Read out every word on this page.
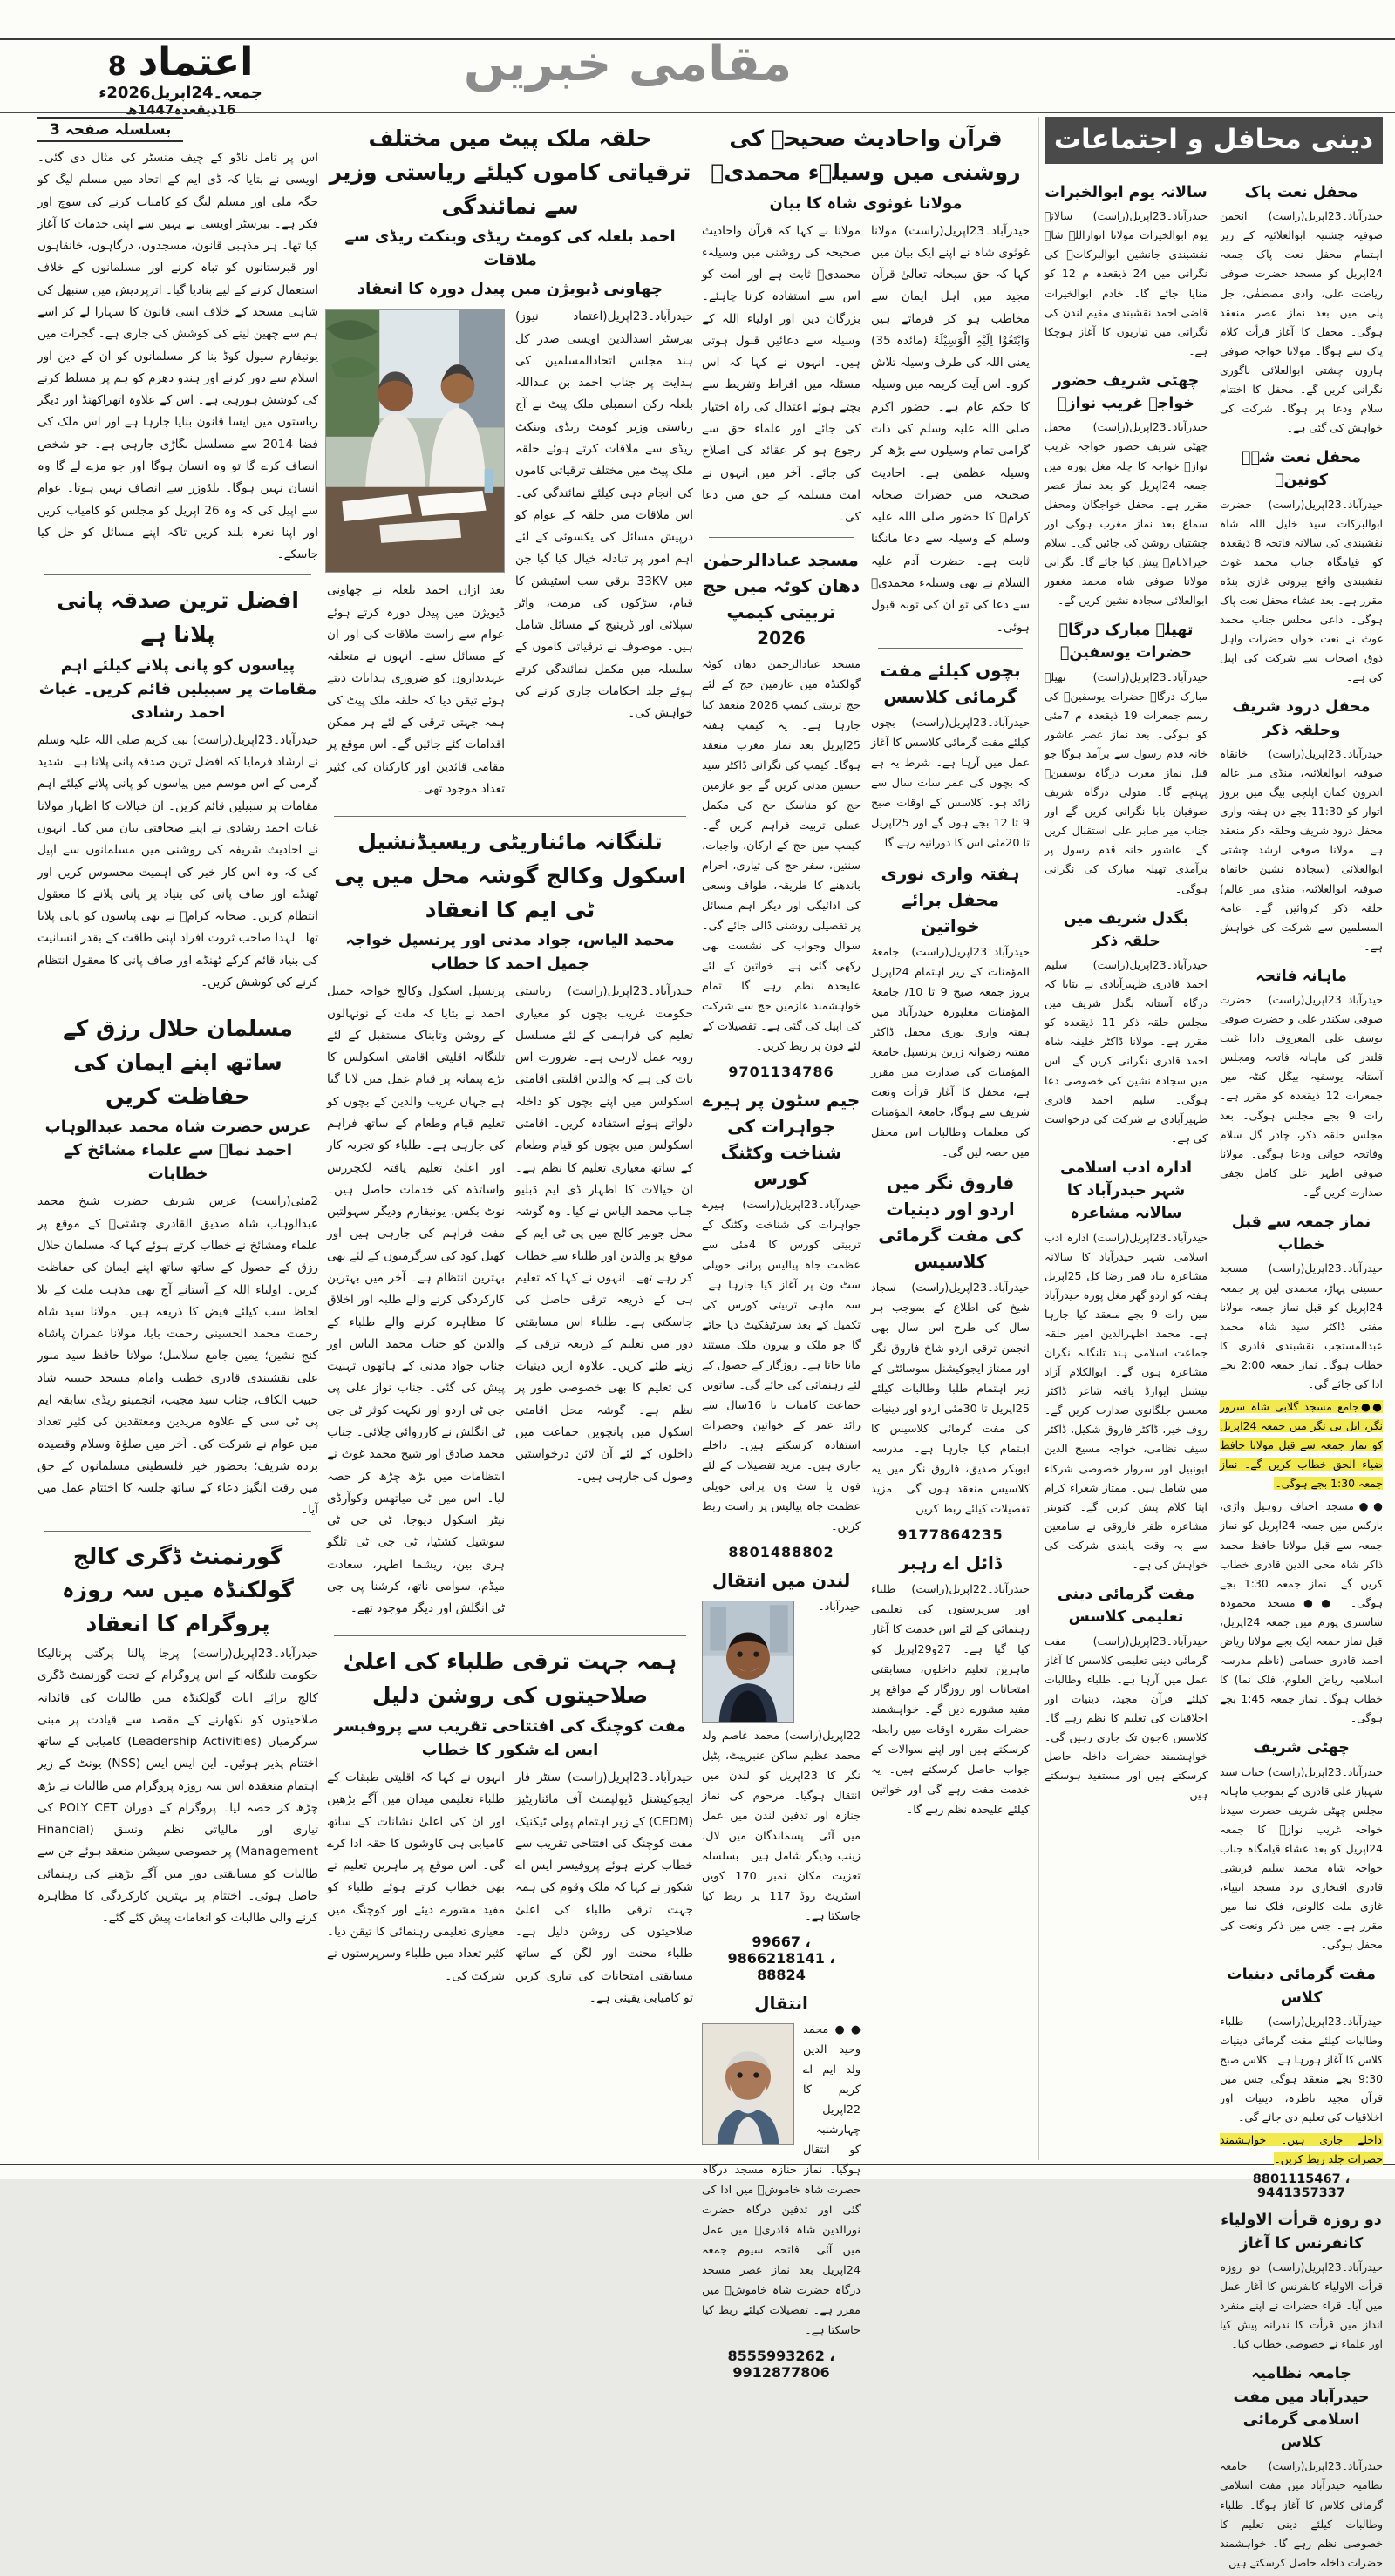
اعتماد
8
جمعہ۔24اپریل2026ء
16ذیقعدہ1447ھ
مقامی خبریں
دینی محافل و اجتماعات
محفل نعت پاک

حیدرآباد۔23اپریل(راست) انجمن صوفیہ چشتیہ ابوالعلائیہ کے زیر اہتمام محفل نعت پاک جمعہ 24اپریل کو مسجد حضرت صوفی ریاضت علی، وادی مصطفٰی، جل پلی میں بعد نماز عصر منعقد ہوگی۔ محفل کا آغاز قرأت کلام پاک سے ہوگا۔ مولانا خواجہ صوفی ہارون چشتی ابوالعلائی ناگوری نگرانی کریں گے۔ محفل کا اختتام سلام ودعا پر ہوگا۔ شرکت کی خواہش کی گئی ہے۔

محفل نعت شہہ کونینؐ

حیدرآباد۔23اپریل(راست) حضرت ابوالبرکات سید خلیل اللہ شاہ نقشبندی کی سالانہ فاتحہ 8 ذیقعدہ کو قیامگاہ جناب محمد غوث نقشبندی واقع بیرونی غازی بنڈہ مقرر ہے۔ بعد عشاء محفل نعت پاک ہوگی۔ داعی مجلس جناب محمد غوث نے نعت خواں حضرات واہل ذوق اصحاب سے شرکت کی اپیل کی ہے۔

محفل درود شریف وحلقہ ذکر

حیدرآباد۔23اپریل(راست) خانقاہ صوفیہ ابوالعلائیہ، منڈی میر عالم اندرون کمان اپلچی بیگ میں بروز اتوار کو 11:30 بجے دن ہفتہ واری محفل درود شریف وحلقہ ذکر منعقد ہے۔ مولانا صوفی ارشد چشتی ابوالعلائی (سجادہ نشین خانقاہ صوفیہ ابوالعلائیہ، منڈی میر عالم) حلقہ ذکر کروائیں گے۔ عامۃ المسلمین سے شرکت کی خواہش ہے۔

ماہانہ فاتحہ

حیدرآباد۔23اپریل(راست) حضرت صوفی سکندر علی و حضرت صوفی یوسف علی المعروف دادا غیب قلندر کی ماہانہ فاتحہ ومجلس آستانہ یوسفیہ بیگل کنٹہ میں جمعرات 12 ذیقعدہ کو مقرر ہے۔ رات 9 بجے مجلس ہوگی۔ بعد مجلس حلقہ ذکر، چادر گل سلام وفاتحہ خوانی ودعا ہوگی۔ مولانا صوفی اطہر علی کامل نجفی صدارت کریں گے۔

نماز جمعہ سے قبل خطاب

حیدرآباد۔23اپریل(راست) مسجد حسینی پہاڑ، محمدی لین پر جمعہ 24اپریل کو قبل نماز جمعہ مولانا مفتی ڈاکٹر سید شاہ محمد عبدالمستجب نقشبندی قادری کا خطاب ہوگا۔ نماز جمعہ 2:00 بجے ادا کی جائے گی۔

●●جامع مسجد گلابی شاہ سرور نگر، ایل بی نگر میں جمعہ 24اپریل کو نماز جمعہ سے قبل مولانا حافظ ضیاء الحق خطاب کریں گے۔ نماز جمعہ 1:30 بجے ہوگی۔

●●مسجد احناف روہیل واڑی، بارکس میں جمعہ 24اپریل کو نماز جمعہ سے قبل مولانا حافظ محمد ذاکر شاہ محی الدین قادری خطاب کریں گے۔ نماز جمعہ 1:30 بجے ہوگی۔ ●●مسجد محمودہ شاستری پورم میں جمعہ 24اپریل، قبل نماز جمعہ ایک بجے مولانا ریاض احمد قادری حسامی (ناظم مدرسہ اسلامیہ ریاض العلوم، فلک نما) کا خطاب ہوگا۔ نماز جمعہ 1:45 بجے ہوگی۔

چھٹی شریف

حیدرآباد۔23اپریل(راست) جناب سید شہباز علی قادری کے بموجب ماہانہ مجلس چھٹی شریف حضرت سیدنا خواجہ غریب نوازؒ کا جمعہ 24اپریل کو بعد عشاء قیامگاہ جناب خواجہ شاہ محمد سلیم قریشی قادری افتخاری نزد مسجد انبیاء، غازی ملت کالونی، فلک نما میں مقرر ہے۔ جس میں ذکر ونعت کی محفل ہوگی۔

مفت گرمائی دینیات کلاس

حیدرآباد۔23اپریل(راست) طلباء وطالبات کیلئے مفت گرمائی دینیات کلاس کا آغاز ہورہا ہے۔ کلاس صبح 9:30 بجے منعقد ہوگی جس میں قرآن مجید ناظرہ، دینیات اور اخلاقیات کی تعلیم دی جائے گی۔

داخلے جاری ہیں۔ خواہشمند حضرات جلد ربط کریں۔

8801115467 ، 9441357337
دو روزہ قرأت الاولیاء کانفرنس کا آغاز

حیدرآباد۔23اپریل(راست) دو روزہ قرأت الاولیاء کانفرنس کا آغاز عمل میں آیا۔ قراء حضرات نے اپنے منفرد انداز میں قرأت کا نذرانہ پیش کیا اور علماء نے خصوصی خطاب کیا۔

جامعہ نظامیہ حیدرآباد میں مفت اسلامی گرمائی کلاس

حیدرآباد۔23اپریل(راست) جامعہ نظامیہ حیدرآباد میں مفت اسلامی گرمائی کلاس کا آغاز ہوگا۔ طلباء وطالبات کیلئے دینی تعلیم کا خصوصی نظم رہے گا۔ خواہشمند حضرات داخلہ حاصل کرسکتے ہیں۔

سالانہ یوم ابوالخیرات

حیدرآباد۔23اپریل(راست) سالانہ یوم ابوالخیرات مولانا انواراللہ شاہ نقشبندی جانشین ابوالبرکاتؒ کی نگرانی میں 24 ذیقعدہ م 12 کو منایا جائے گا۔ خادم ابوالخیرات قاضی احمد نقشبندی مقیم لندن کی نگرانی میں تیاریوں کا آغاز ہوچکا ہے۔

چھٹی شریف حضور خواجہ غریب نوازؒ

حیدرآباد۔23اپریل(راست) محفل چھٹی شریف حضور خواجہ غریب نوازؒ خواجہ کا چلہ مغل پورہ میں جمعہ 24اپریل کو بعد نماز عصر مقرر ہے۔ محفل خواجگان ومحفل سماع بعد نماز مغرب ہوگی اور چشتیاں روشن کی جائیں گی۔ سلام خیرالانامؐ پیش کیا جائے گا۔ نگرانی مولانا صوفی شاہ محمد مغفور ابوالعلائی سجادہ نشین کریں گے۔

تھیلہ مبارک درگاہ حضرات یوسفینؒ

حیدرآباد۔23اپریل(راست) تھیلہ مبارک درگاہ حضرات یوسفینؒ کی رسم جمعرات 19 ذیقعدہ م 7مئی کو ہوگی۔ بعد نماز عصر عاشور خانہ قدم رسول سے برآمد ہوگا جو قبل نماز مغرب درگاہ یوسفینؒ پہنچے گا۔ متولی درگاہ شریف صوفیان بابا نگرانی کریں گے اور جناب میر صابر علی استقبال کریں گے۔ عاشور خانہ قدم رسول پر برآمدی تھیلہ مبارک کی نگرانی ہوگی۔

بگدل شریف میں حلقہ ذکر

حیدرآباد۔23اپریل(راست) سلیم احمد قادری ظہیرآبادی نے بتایا کہ درگاہ آستانہ بگدل شریف میں مجلس حلقہ ذکر 11 ذیقعدہ کو مقرر ہے۔ مولانا ڈاکٹر خلیفہ شاہ احمد قادری نگرانی کریں گے۔ اس میں سجادہ نشین کی خصوصی دعا ہوگی۔ سلیم احمد قادری ظہیرآبادی نے شرکت کی درخواست کی ہے۔

ادارہ ادب اسلامی شہر حیدرآباد کا سالانہ مشاعرہ

حیدرآباد۔23اپریل(راست) ادارہ ادب اسلامی شہر حیدرآباد کا سالانہ مشاعرہ بیاد قمر رضا کل 25اپریل ہفتہ کو اردو گھر مغل پورہ حیدرآباد میں رات 9 بجے منعقد کیا جارہا ہے۔ محمد اظہرالدین امیر حلقہ جماعت اسلامی ہند تلنگانہ نگران مشاعرہ ہوں گے۔ ابوالکلام آزاد نیشنل ایوارڈ یافتہ شاعر ڈاکٹر محسن جلگانوی صدارت کریں گے۔ روف خیر، ڈاکٹر فاروق شکیل، ڈاکٹر سیف نظامی، خواجہ مسیح الدین ابونبیل اور سروار خصوصی شرکاء میں شامل ہیں۔ ممتاز شعراء کرام اپنا کلام پیش کریں گے۔ کنوینر مشاعرہ ظفر فاروقی نے سامعین سے بہ وقت پابندی شرکت کی خواہش کی ہے۔

مفت گرمائی دینی تعلیمی کلاسس

حیدرآباد۔23اپریل(راست) مفت گرمائی دینی تعلیمی کلاسس کا آغاز عمل میں آرہا ہے۔ طلباء وطالبات کیلئے قرآن مجید، دینیات اور اخلاقیات کی تعلیم کا نظم رہے گا۔ کلاسس 6جون تک جاری رہیں گی۔ خواہشمند حضرات داخلہ حاصل کرسکتے ہیں اور مستفید ہوسکتے ہیں۔

قرآن واحادیث صحیحہ کی روشنی میں وسیلہء محمدیؐ
مولانا غوثوی شاہ کا بیان

حیدرآباد۔23اپریل(راست) مولانا غوثوی شاہ نے اپنے ایک بیان میں کہا کہ حق سبحانہ تعالیٰ قرآن مجید میں اہل ایمان سے مخاطب ہو کر فرماتے ہیں وَابْتَغُوْا اِلَیْہِ الْوَسِیْلَۃَ (مائدہ 35) یعنی اللہ کی طرف وسیلہ تلاش کرو۔ اس آیت کریمہ میں وسیلہ کا حکم عام ہے۔ حضور اکرم صلی اللہ علیہ وسلم کی ذات گرامی تمام وسیلوں سے بڑھ کر وسیلہ عظمیٰ ہے۔ احادیث صحیحہ میں حضرات صحابہ کرامؓ کا حضور صلی اللہ علیہ وسلم کے وسیلہ سے دعا مانگنا ثابت ہے۔ حضرت آدم علیہ السلام نے بھی وسیلہء محمدیؐ سے دعا کی تو ان کی توبہ قبول ہوئی۔

بچوں کیلئے مفت گرمائی کلاسس

حیدرآباد۔23اپریل(راست) بچوں کیلئے مفت گرمائی کلاسس کا آغاز عمل میں آرہا ہے۔ شرط یہ ہے کہ بچوں کی عمر سات سال سے زائد ہو۔ کلاسس کے اوقات صبح 9 تا 12 بجے ہوں گے اور 25اپریل تا 20مئی اس کا دورانیہ رہے گا۔

ہفتہ واری نوری محفل برائے خواتین

حیدرآباد۔23اپریل(راست) جامعۃ المؤمنات کے زیر اہتمام 24اپریل بروز جمعہ صبح 9 تا 10/ جامعۃ المؤمنات مغلپورہ حیدرآباد میں ہفتہ واری نوری محفل ڈاکٹر مفتیہ رضوانہ زرین پرنسپل جامعۃ المؤمنات کی صدارت میں مقرر ہے، محفل کا آغاز قرأت ونعت شریف سے ہوگا، جامعۃ المؤمنات کی معلمات وطالبات اس محفل میں حصہ لیں گی۔

فاروق نگر میں اردو اور دینیات کی مفت گرمائی کلاسیس

حیدرآباد۔23اپریل(راست) سجاد شیخ کی اطلاع کے بموجب ہر سال کی طرح اس سال بھی انجمن ترقی اردو شاخ فاروق نگر اور ممتاز ایجوکیشنل سوسائٹی کے زیر اہتمام طلبا وطالبات کیلئے 25اپریل تا 30مئی اردو اور دینیات کی مفت گرمائی کلاسیس کا اہتمام کیا جارہا ہے۔ مدرسہ ابوبکر صدیق، فاروق نگر میں یہ کلاسیس منعقد ہوں گی۔ مزید تفصیلات کیلئے ربط کریں۔

9177864235
ڈائل اے رہبر

حیدرآباد۔22اپریل(راست) طلباء اور سرپرستوں کی تعلیمی رہنمائی کے لئے اس خدمت کا آغاز کیا گیا ہے۔ 27و29اپریل کو ماہرین تعلیم داخلوں، مسابقتی امتحانات اور روزگار کے مواقع پر مفید مشورے دیں گے۔ خواہشمند حضرات مقررہ اوقات میں رابطہ کرسکتے ہیں اور اپنے سوالات کے جواب حاصل کرسکتے ہیں۔ یہ خدمت مفت رہے گی اور خواتین کیلئے علیحدہ نظم رہے گا۔

مولانا نے کہا کہ قرآن واحادیث صحیحہ کی روشنی میں وسیلہء محمدیؐ ثابت ہے اور امت کو اس سے استفادہ کرنا چاہئے۔ بزرگان دین اور اولیاء اللہ کے وسیلہ سے دعائیں قبول ہوتی ہیں۔ انہوں نے کہا کہ اس مسئلہ میں افراط وتفریط سے بچتے ہوئے اعتدال کی راہ اختیار کی جائے اور علماء حق سے رجوع ہو کر عقائد کی اصلاح کی جائے۔ آخر میں انہوں نے امت مسلمہ کے حق میں دعا کی۔

مسجد عبادالرحمٰن دھان کوٹہ میں حج تربیتی کیمپ 2026

مسجد عبادالرحمٰن دھان کوٹہ گولکنڈہ میں عازمین حج کے لئے حج تربیتی کیمپ 2026 منعقد کیا جارہا ہے۔ یہ کیمپ ہفتہ 25اپریل بعد نماز مغرب منعقد ہوگا۔ کیمپ کی نگرانی ڈاکٹر سید حسین مدنی کریں گے جو عازمین حج کو مناسک حج کی مکمل عملی تربیت فراہم کریں گے۔ کیمپ میں حج کے ارکان، واجبات، سنتیں، سفر حج کی تیاری، احرام باندھنے کا طریقہ، طواف وسعی کی ادائیگی اور دیگر اہم مسائل پر تفصیلی روشنی ڈالی جائے گی۔ سوال وجواب کی نشست بھی رکھی گئی ہے۔ خواتین کے لئے علیحدہ نظم رہے گا۔ تمام خواہشمند عازمین حج سے شرکت کی اپیل کی گئی ہے۔ تفصیلات کے لئے فون پر ربط کریں۔

9701134786
جیم سٹون پر ہیرے جواہرات کی شناخت وکٹنگ کورس

حیدرآباد۔23اپریل(راست) ہیرے جواہرات کی شناخت وکٹنگ کے تربیتی کورس کا 4مئی سے عظمت جاہ پیالیس پرانی حویلی سٹ ون پر آغاز کیا جارہا ہے۔ سہ ماہی تربیتی کورس کی تکمیل کے بعد سرٹیفکیٹ دیا جائے گا جو ملک و بیرون ملک مستند مانا جاتا ہے۔ روزگار کے حصول کے لئے رہنمائی کی جائے گی۔ ساتویں جماعت کامیاب یا 16سال سے زائد عمر کے خواتین وحضرات استفادہ کرسکتے ہیں۔ داخلے جاری ہیں۔ مزید تفصیلات کے لئے فون یا سٹ ون پرانی حویلی عظمت جاہ پیالیس پر راست ربط کریں۔

8801488802
لندن میں انتقال

حیدرآباد۔22اپریل(راست) محمد عاصم ولد محمد عظیم ساکن عنبرپیٹ، پٹیل نگر کا 23اپریل کو لندن میں انتقال ہوگیا۔ مرحوم کی نماز جنازہ اور تدفین لندن میں عمل میں آئی۔ پسماندگان میں لال، زینب ودیگر شامل ہیں۔ بسلسلہ تعزیت مکان نمبر 170 کویں اسٹریٹ روڈ 117 پر ربط کیا جاسکتا ہے۔

99667 ، 9866218141 ، 88824
انتقال

●●محمد وحید الدین ولد ایم اے کریم کا 22اپریل چہارشنبہ کو انتقال ہوگیا۔ نماز جنازہ مسجد درگاہ حضرت شاہ خاموشؒ میں ادا کی گئی اور تدفین درگاہ حضرت نورالدین شاہ قادریؒ میں عمل میں آئی۔ فاتحہ سیوم جمعہ 24اپریل بعد نماز عصر مسجد درگاہ حضرت شاہ خاموشؒ میں مقرر ہے۔ تفصیلات کیلئے ربط کیا جاسکتا ہے۔

8555993262 ، 9912877806
حلقہ ملک پیٹ میں مختلف ترقیاتی کاموں کیلئے ریاستی وزیر سے نمائندگی
احمد بلعلہ کی کومٹ ریڈی وینکٹ ریڈی سے ملاقات
چھاونی ڈیویژن میں پیدل دورہ کا انعقاد

حیدرآباد۔23اپریل(اعتماد نیوز) بیرسٹر اسدالدین اویسی صدر کل ہند مجلس اتحادالمسلمین کی ہدایت پر جناب احمد بن عبداللہ بلعلہ رکن اسمبلی ملک پیٹ نے آج ریاستی وزیر کومٹ ریڈی وینکٹ ریڈی سے ملاقات کرتے ہوئے حلقہ ملک پیٹ میں مختلف ترقیاتی کاموں کی انجام دہی کیلئے نمائندگی کی۔ اس ملاقات میں حلقہ کے عوام کو درپیش مسائل کی یکسوئی کے لئے اہم امور پر تبادلہ خیال کیا گیا جن میں 33KV برقی سب اسٹیشن کا قیام، سڑکوں کی مرمت، واٹر سپلائی اور ڈرینیج کے مسائل شامل ہیں۔ موصوف نے ترقیاتی کاموں کے سلسلہ میں مکمل نمائندگی کرتے ہوئے جلد احکامات جاری کرنے کی خواہش کی۔

بعد ازاں احمد بلعلہ نے چھاونی ڈیویژن میں پیدل دورہ کرتے ہوئے عوام سے راست ملاقات کی اور ان کے مسائل سنے۔ انہوں نے متعلقہ عہدیداروں کو ضروری ہدایات دیتے ہوئے تیقن دیا کہ حلقہ ملک پیٹ کی ہمہ جہتی ترقی کے لئے ہر ممکن اقدامات کئے جائیں گے۔ اس موقع پر مقامی قائدین اور کارکنان کی کثیر تعداد موجود تھی۔

تلنگانہ مائناریٹی ریسیڈنشیل اسکول وکالج گوشہ محل میں پی ٹی ایم کا انعقاد
محمد الیاس، جواد مدنی اور پرنسپل خواجہ جمیل احمد کا خطاب

حیدرآباد۔23اپریل(راست) ریاستی حکومت غریب بچوں کو معیاری تعلیم کی فراہمی کے لئے مسلسل روبہ عمل لارہی ہے۔ ضرورت اس بات کی ہے کہ والدین اقلیتی اقامتی اسکولس میں اپنے بچوں کو داخلہ دلواتے ہوئے استفادہ کریں۔ اقامتی اسکولس میں بچوں کو قیام وطعام کے ساتھ معیاری تعلیم کا نظم ہے۔ ان خیالات کا اظہار ڈی ایم ڈبلیو جناب محمد الیاس نے کیا۔ وہ گوشہ محل جونیر کالج میں پی ٹی ایم کے موقع پر والدین اور طلباء سے خطاب کر رہے تھے۔ انہوں نے کہا کہ تعلیم ہی کے ذریعہ ترقی حاصل کی جاسکتی ہے۔ طلباء اس مسابقتی دور میں تعلیم کے ذریعہ ترقی کے زینے طئے کریں۔ علاوہ ازیں دینیات کی تعلیم کا بھی خصوصی طور پر نظم ہے۔ گوشہ محل اقامتی اسکول میں پانچویں جماعت میں داخلوں کے لئے آن لائن درخواستیں وصول کی جارہی ہیں۔

پرنسپل اسکول وکالج خواجہ جمیل احمد نے بتایا کہ ملت کے نونہالوں کے روشن وتابناک مستقبل کے لئے تلنگانہ اقلیتی اقامتی اسکولس کا بڑے پیمانہ پر قیام عمل میں لایا گیا ہے جہاں غریب والدین کے بچوں کو تعلیم قیام وطعام کے ساتھ فراہم کی جارہی ہے۔ طلباء کو تجربہ کار اور اعلیٰ تعلیم یافتہ لکچررس واساتذہ کی خدمات حاصل ہیں۔ نوٹ بکس، یونیفارم ودیگر سہولتیں مفت فراہم کی جارہی ہیں اور کھیل کود کی سرگرمیوں کے لئے بھی بہترین انتظام ہے۔ آخر میں بہترین کارکردگی کرنے والے طلبہ اور اخلاق کا مظاہرہ کرنے والے طلباء کے والدین کو جناب محمد الیاس اور جناب جواد مدنی کے ہاتھوں تہنیت پیش کی گئی۔ جناب نواز علی پی جی ٹی اردو اور نکہت کوثر ٹی جی ٹی انگلش نے کارروائی چلائی۔ جناب محمد صادق اور شیخ محمد غوث نے انتظامات میں بڑھ چڑھ کر حصہ لیا۔ اس میں ٹی میاتھس وکوآرڈی نیٹر اسکول دیوجا، ٹی جی ٹی سوشیل کشٹیا، ٹی جی ٹی تلگو ہری بین، ریشما اطہر، سعادت میڈم، سوامی ناتھ، کرشنا پی جی ٹی انگلش اور دیگر موجود تھے۔

ہمہ جہت ترقی طلباء کی اعلیٰ صلاحیتوں کی روشن دلیل
مفت کوچنگ کی افتتاحی تقریب سے پروفیسر ایس اے شکور کا خطاب

حیدرآباد۔23اپریل(راست) سنٹر فار ایجوکیشنل ڈیولپمنٹ آف مائناریٹیز (CEDM) کے زیر اہتمام پولی ٹیکنیک مفت کوچنگ کی افتتاحی تقریب سے خطاب کرتے ہوئے پروفیسر ایس اے شکور نے کہا کہ ملک وقوم کی ہمہ جہت ترقی طلباء کی اعلیٰ صلاحیتوں کی روشن دلیل ہے۔ طلباء محنت اور لگن کے ساتھ مسابقتی امتحانات کی تیاری کریں تو کامیابی یقینی ہے۔

انہوں نے کہا کہ اقلیتی طبقات کے طلباء تعلیمی میدان میں آگے بڑھیں اور ان کی اعلیٰ نشانات کے ساتھ کامیابی ہی کاوشوں کا حقہ ادا کرے گی۔ اس موقع پر ماہرین تعلیم نے بھی خطاب کرتے ہوئے طلباء کو مفید مشورے دیئے اور کوچنگ میں معیاری تعلیمی رہنمائی کا تیقن دیا۔ کثیر تعداد میں طلباء وسرپرستوں نے شرکت کی۔

بسلسلہ صفحہ 3

اس پر تامل ناڈو کے چیف منسٹر کی مثال دی گئی۔ اویسی نے بتایا کہ ڈی ایم کے اتحاد میں مسلم لیگ کو جگہ ملی اور مسلم لیگ کو کامیاب کرنے کی سوچ اور فکر ہے۔ بیرسٹر اویسی نے یہیں سے اپنی خدمات کا آغاز کیا تھا۔ ہر مذہبی قانون، مسجدوں، درگاہوں، خانقاہوں اور قبرستانوں کو تباہ کرنے اور مسلمانوں کے خلاف استعمال کرنے کے لیے بنادیا گیا۔ اترپردیش میں سنبھل کی شاہی مسجد کے خلاف اسی قانون کا سہارا لے کر اسے ہم سے چھین لینے کی کوشش کی جاری ہے۔ گجرات میں یونیفارم سیول کوڈ بنا کر مسلمانوں کو ان کے دین اور اسلام سے دور کرنے اور ہندو دھرم کو ہم پر مسلط کرنے کی کوشش ہورہی ہے۔ اس کے علاوہ اتھراکھنڈ اور دیگر ریاستوں میں ایسا قانون بنایا جارہا ہے اور اس ملک کی فضا 2014 سے مسلسل بگاڑی جارہی ہے۔ جو شخص انصاف کرے گا تو وہ انسان ہوگا اور جو مزے لے گا وہ انسان نہیں ہوگا۔ بلڈوزر سے انصاف نہیں ہوتا۔ عوام سے اپیل کی کہ وہ 26 اپریل کو مجلس کو کامیاب کریں اور اپنا نعرہ بلند کریں تاکہ اپنے مسائل کو حل کیا جاسکے۔

افضل ترین صدقہ پانی پلانا ہے
پیاسوں کو پانی پلانے کیلئے اہم مقامات پر سبیلیں قائم کریں۔ غیاث احمد رشادی

حیدرآباد۔23اپریل(راست) نبی کریم صلی اللہ علیہ وسلم نے ارشاد فرمایا کہ افضل ترین صدقہ پانی پلانا ہے۔ شدید گرمی کے اس موسم میں پیاسوں کو پانی پلانے کیلئے اہم مقامات پر سبیلیں قائم کریں۔ ان خیالات کا اظہار مولانا غیاث احمد رشادی نے اپنے صحافتی بیان میں کیا۔ انہوں نے احادیث شریفہ کی روشنی میں مسلمانوں سے اپیل کی کہ وہ اس کار خیر کی اہمیت محسوس کریں اور ٹھنڈے اور صاف پانی کی بنیاد پر پانی پلانے کا معقول انتظام کریں۔ صحابہ کرامؓ نے بھی پیاسوں کو پانی پلایا تھا۔ لہذا صاحب ثروت افراد اپنی طاقت کے بقدر انسانیت کی بنیاد قائم کرکے ٹھنڈے اور صاف پانی کا معقول انتظام کرنے کی کوشش کریں۔

مسلمان حلال رزق کے ساتھ اپنے ایمان کی حفاظت کریں
عرس حضرت شاہ محمد عبدالوہاب احمد نماؒ سے علماء مشائخ کے خطابات

2مئی(راست) عرس شریف حضرت شیخ محمد عبدالوہاب شاہ صدیق القادری چشتیؒ کے موقع پر علماء ومشائخ نے خطاب کرتے ہوئے کہا کہ مسلمان حلال رزق کے حصول کے ساتھ ساتھ اپنے ایمان کی حفاظت کریں۔ اولیاء اللہ کے آستانے آج بھی مذہب ملت کے بلا لحاظ سب کیلئے فیض کا ذریعہ ہیں۔ مولانا سید شاہ رحمت محمد الحسینی رحمت بابا، مولانا عمران پاشاہ کنج نشین؛ یمین جامع سلاسل؛ مولانا حافظ سید منور علی نقشبندی قادری خطیب وامام مسجد حبیبیہ شاد حبیب الکاف، جناب سید مجیب، انجمینو ریڈی سابقہ ایم پی ٹی سی کے علاوہ مریدین ومعتقدین کی کثیر تعداد میں عوام نے شرکت کی۔ آخر میں صلوٰۃ وسلام وقصیدہ بردہ شریف؛ بحضور خیر فلسطینی مسلمانوں کے حق میں رقت انگیز دعاء کے ساتھ جلسہ کا اختتام عمل میں آیا۔

گورنمنٹ ڈگری کالج گولکنڈہ میں سہ روزہ پروگرام کا انعقاد

حیدرآباد۔23اپریل(راست) پرجا پالنا پرگتی پرنالیکا حکومت تلنگانہ کے اس پروگرام کے تحت گورنمنٹ ڈگری کالج برائے اناث گولکنڈہ میں طالبات کی قائدانہ صلاحیتوں کو نکھارنے کے مقصد سے قیادت پر مبنی سرگرمیاں (Leadership Activities) کامیابی کے ساتھ اختتام پذیر ہوئیں۔ این ایس ایس (NSS) یونٹ کے زیر اہتمام منعقدہ اس سہ روزہ پروگرام میں طالبات نے بڑھ چڑھ کر حصہ لیا۔ پروگرام کے دوران POLY CET کی تیاری اور مالیاتی نظم ونسق (Financial Management) پر خصوصی سیشن منعقد ہوئے جن سے طالبات کو مسابقتی دور میں آگے بڑھنے کی رہنمائی حاصل ہوئی۔ اختتام پر بہترین کارکردگی کا مظاہرہ کرنے والی طالبات کو انعامات پیش کئے گئے۔
